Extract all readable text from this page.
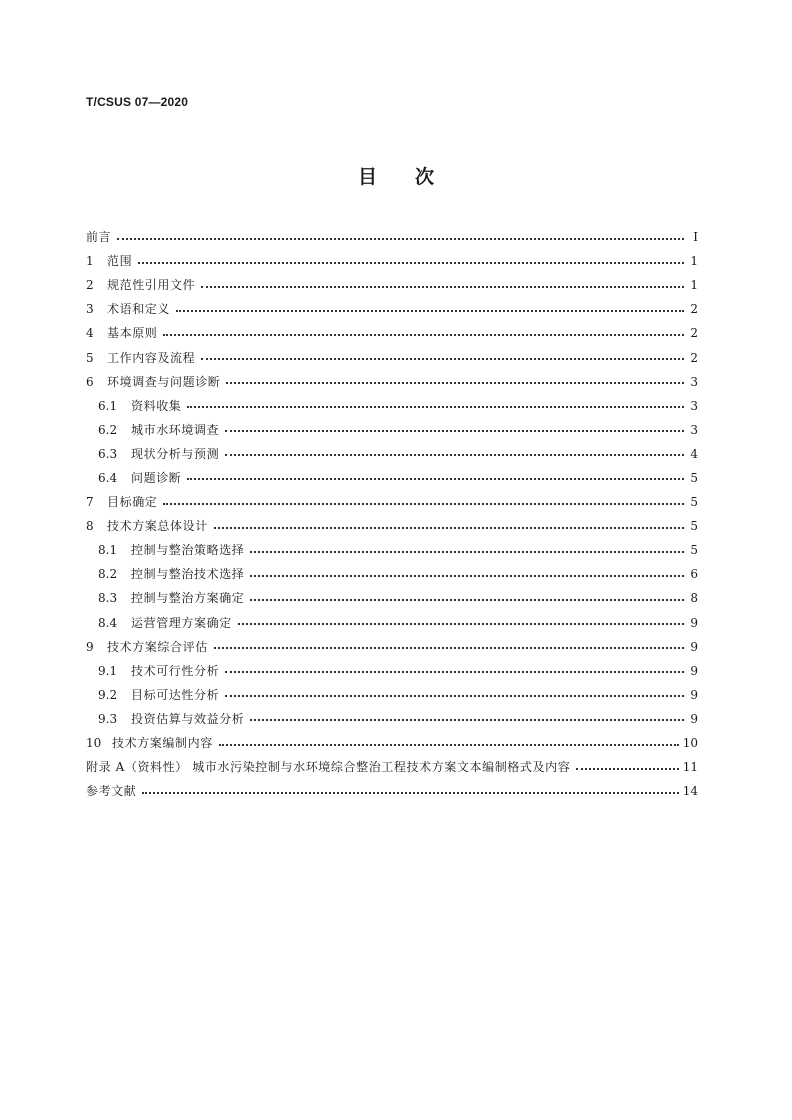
T/CSUS 07—2020
目次
前言	Ⅰ
1	范围	1
2	规范性引用文件	1
3	术语和定义	2
4	基本原则	2
5	工作内容及流程	2
6	环境调查与问题诊断	3
6.1	资料收集	3
6.2	城市水环境调查	3
6.3	现状分析与预测	4
6.4	问题诊断	5
7	目标确定	5
8	技术方案总体设计	5
8.1	控制与整治策略选择	5
8.2	控制与整治技术选择	6
8.3	控制与整治方案确定	8
8.4	运营管理方案确定	9
9	技术方案综合评估	9
9.1	技术可行性分析	9
9.2	目标可达性分析	9
9.3	投资估算与效益分析	9
10 技术方案编制内容	10
附录 A（资料性） 城市水污染控制与水环境综合整治工程技术方案文本编制格式及内容	11
参考文献	14
